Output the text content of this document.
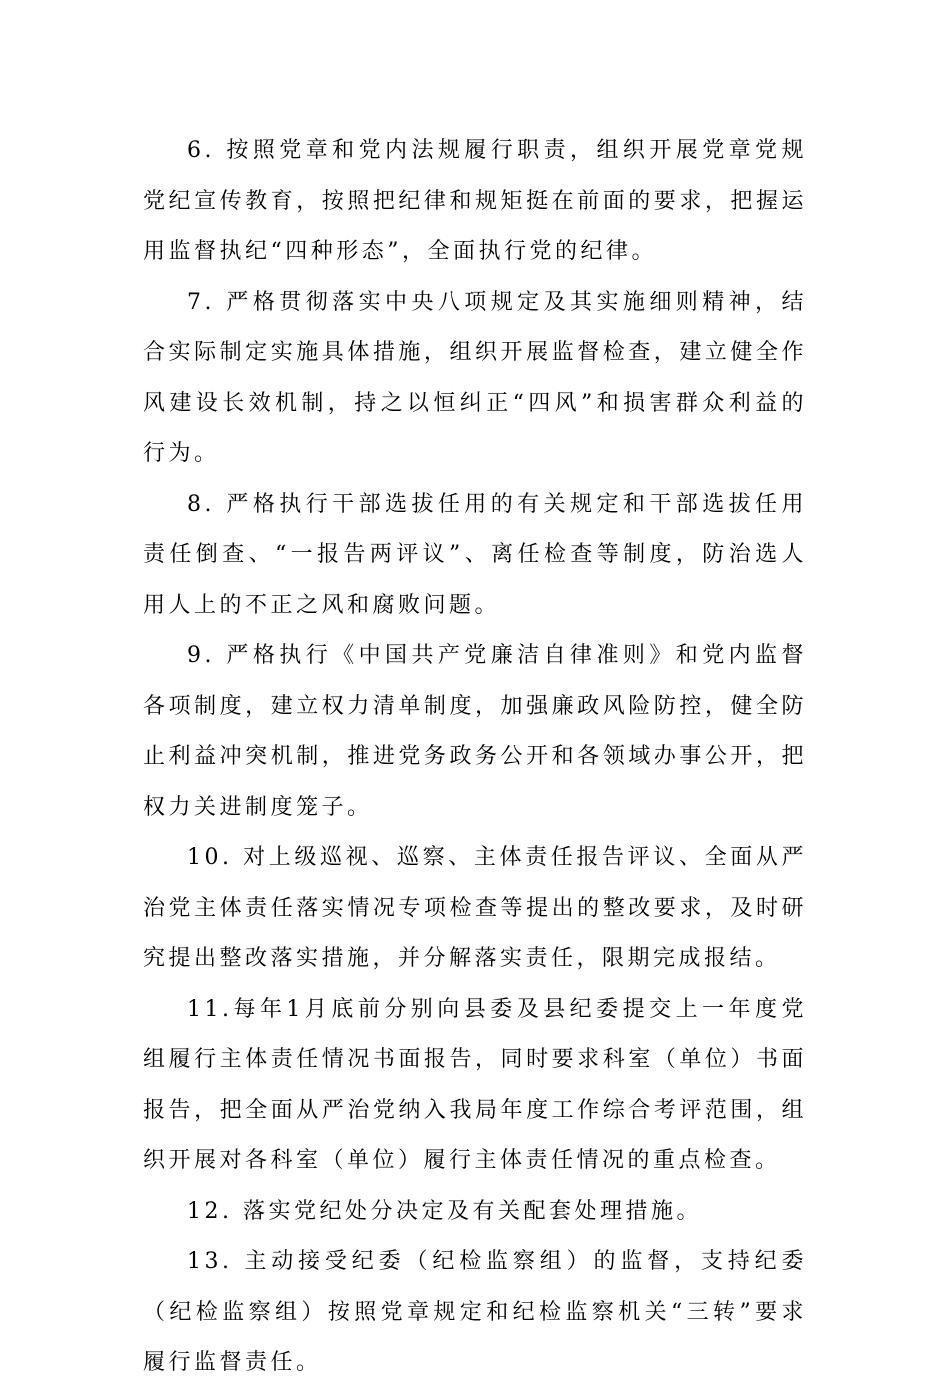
6. 按照党章和党内法规履行职责，组织开展党章党规党纪宣传教育，按照把纪律和规矩挺在前面的要求，把握运用监督执纪“四种形态”，全面执行党的纪律。

7. 严格贯彻落实中央八项规定及其实施细则精神，结合实际制定实施具体措施，组织开展监督检查，建立健全作风建设长效机制，持之以恒纠正“四风”和损害群众利益的行为。

8. 严格执行干部选拔任用的有关规定和干部选拔任用责任倒查、“一报告两评议”、离任检查等制度，防治选人用人上的不正之风和腐败问题。

9. 严格执行《中国共产党廉洁自律准则》和党内监督各项制度，建立权力清单制度，加强廉政风险防控，健全防止利益冲突机制，推进党务政务公开和各领域办事公开，把权力关进制度笼子。

10. 对上级巡视、巡察、主体责任报告评议、全面从严治党主体责任落实情况专项检查等提出的整改要求，及时研究提出整改落实措施，并分解落实责任，限期完成报结。

11.每年1月底前分别向县委及县纪委提交上一年度党组履行主体责任情况书面报告，同时要求科室（单位）书面报告，把全面从严治党纳入我局年度工作综合考评范围，组织开展对各科室（单位）履行主体责任情况的重点检查。

12. 落实党纪处分决定及有关配套处理措施。

13. 主动接受纪委（纪检监察组）的监督，支持纪委（纪检监察组）按照党章规定和纪检监察机关“三转”要求履行监督责任。
